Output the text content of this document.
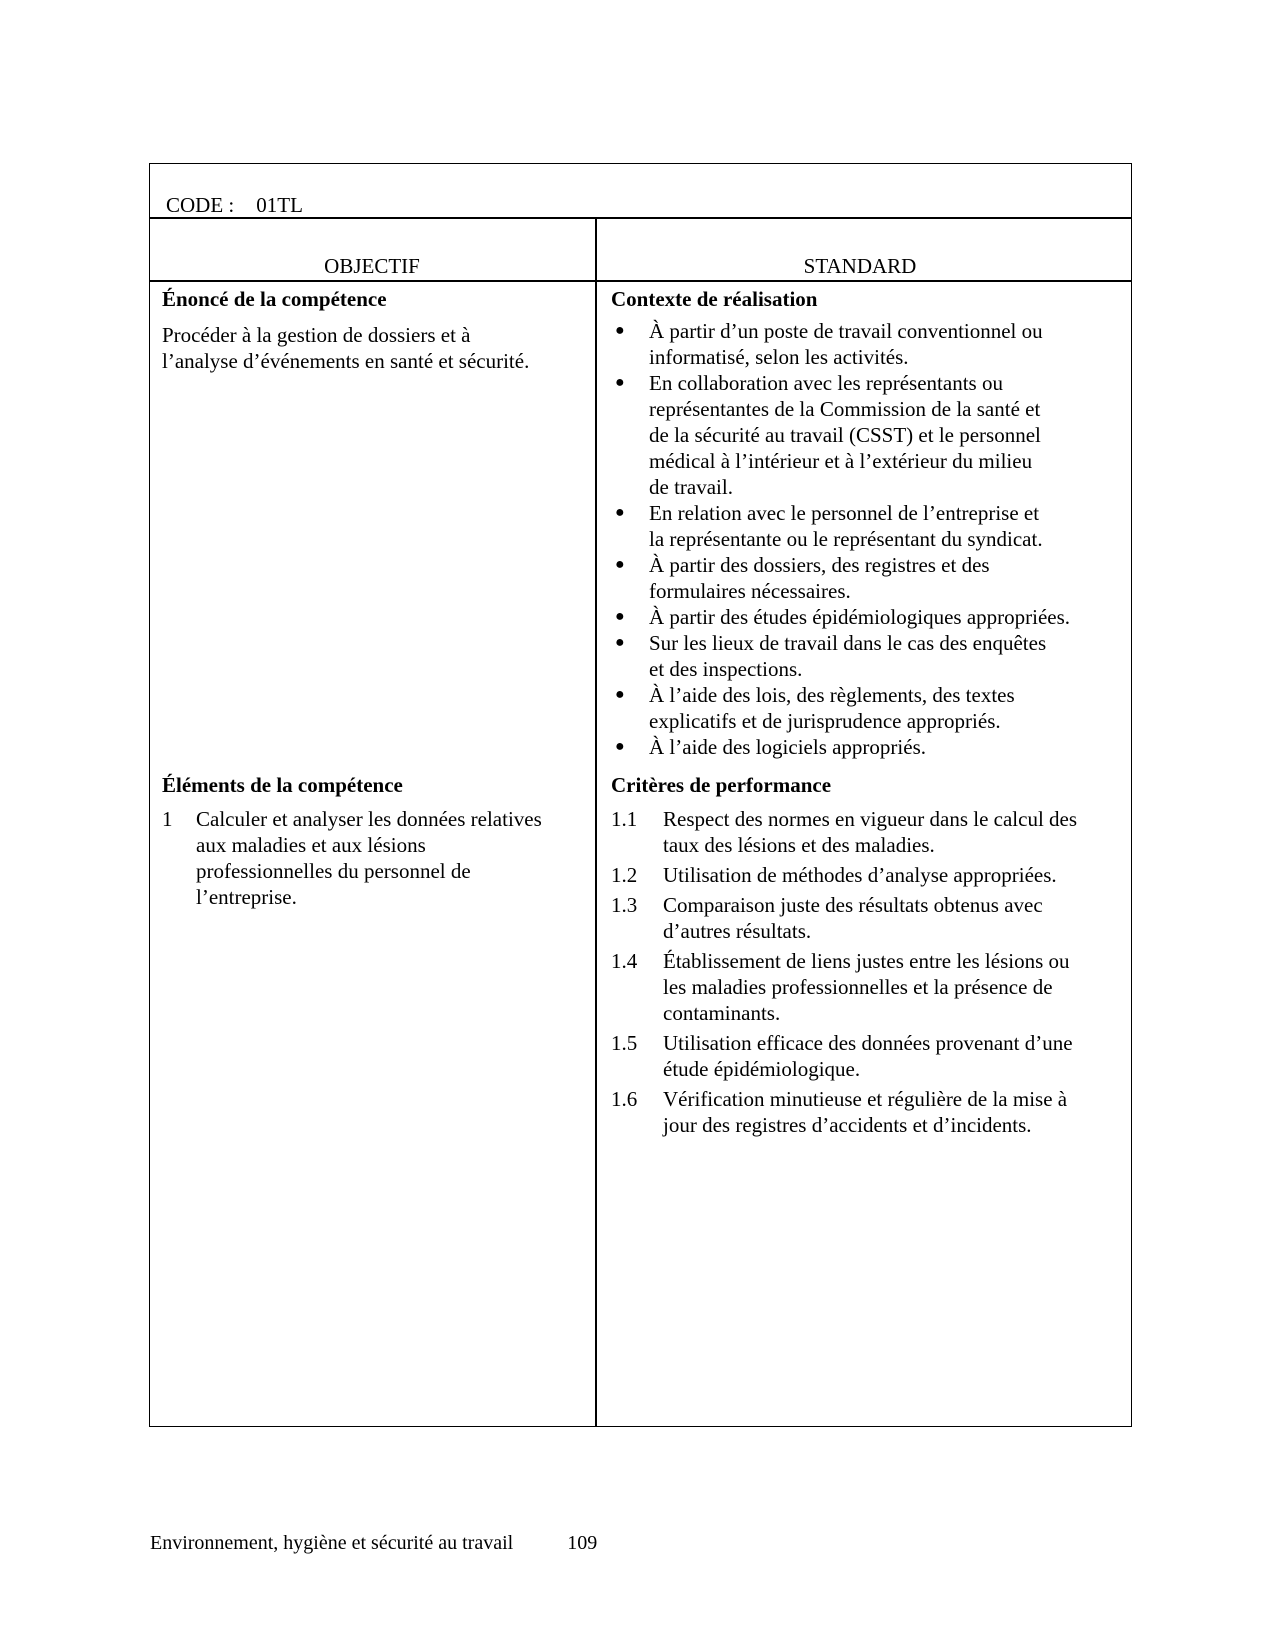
CODE : 01TL
OBJECTIF	STANDARD

Énoncé de la compétence

Procéder à la gestion de dossiers et à

l’analyse d’événements en santé et sécurité.

Éléments de la compétence

1 Calculer et analyser les données relatives
aux maladies et aux lésions
professionnelles du personnel de
l’entreprise.

Contexte de réalisation

● À partir d’un poste de travail conventionnel ou
informatisé, selon les activités.
● En collaboration avec les représentants ou
représentantes de la Commission de la santé et
de la sécurité au travail (CSST) et le personnel
médical à l’intérieur et à l’extérieur du milieu
de travail.
● En relation avec le personnel de l’entreprise et
la représentante ou le représentant du syndicat.
● À partir des dossiers, des registres et des
formulaires nécessaires.
● À partir des études épidémiologiques appropriées.
● Sur les lieux de travail dans le cas des enquêtes
et des inspections.
● À l’aide des lois, des règlements, des textes
explicatifs et de jurisprudence appropriés.
● À l’aide des logiciels appropriés.

Critères de performance

1.1 Respect des normes en vigueur dans le calcul des
taux des lésions et des maladies.
1.2 Utilisation de méthodes d’analyse appropriées.
1.3 Comparaison juste des résultats obtenus avec
d’autres résultats.
1.4 Établissement de liens justes entre les lésions ou
les maladies professionnelles et la présence de
contaminants.
1.5 Utilisation efficace des données provenant d’une
étude épidémiologique.
1.6 Vérification minutieuse et régulière de la mise à
jour des registres d’accidents et d’incidents.
Environnement, hygiène et sécurité au travail	109
